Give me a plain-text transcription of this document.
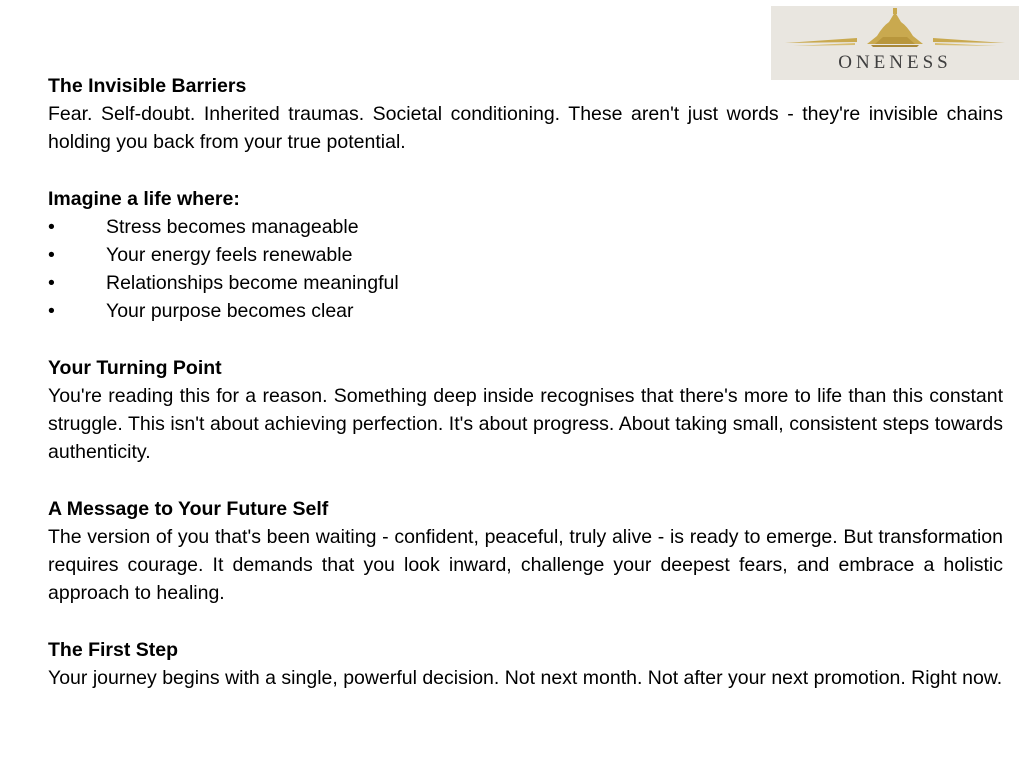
ONENESS

The Invisible Barriers

Fear. Self-doubt. Inherited traumas. Societal conditioning. These aren't just words - they're invisible chains holding you back from your true potential.

Imagine a life where:

•	Stress becomes manageable
•	Your energy feels renewable
•	Relationships become meaningful
•	Your purpose becomes clear

Your Turning Point

You're reading this for a reason. Something deep inside recognises that there's more to life than this constant struggle. This isn't about achieving perfection. It's about progress. About taking small, consistent steps towards authenticity.

A Message to Your Future Self

The version of you that's been waiting - confident, peaceful, truly alive - is ready to emerge. But transformation requires courage. It demands that you look inward, challenge your deepest fears, and embrace a holistic approach to healing.

The First Step

Your journey begins with a single, powerful decision. Not next month. Not after your next promotion. Right now.
